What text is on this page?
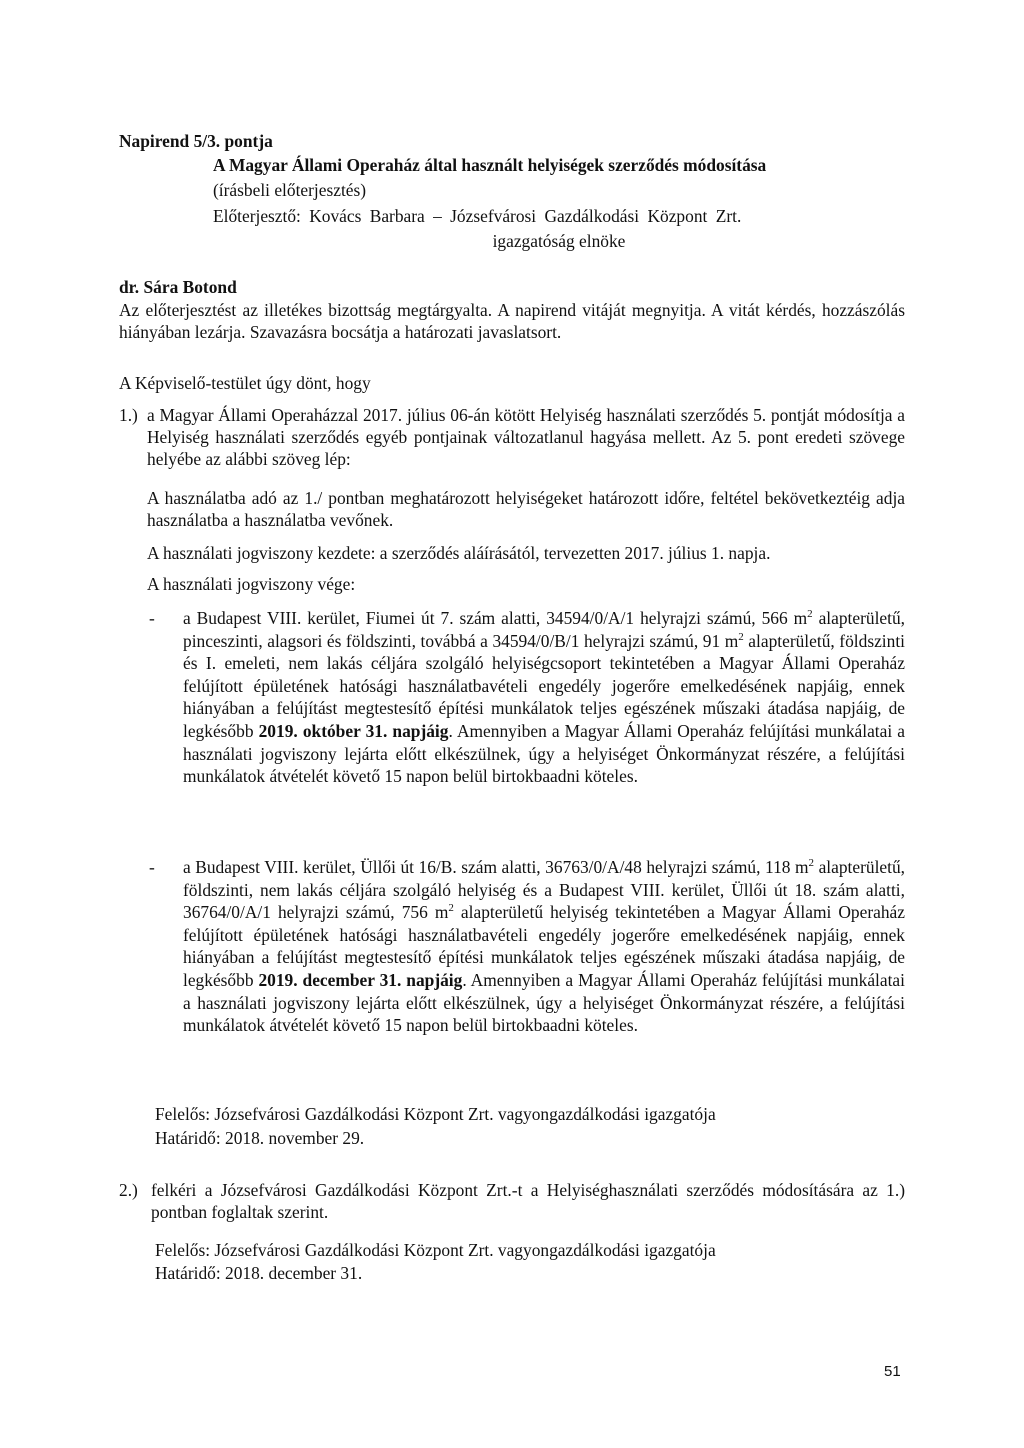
Napirend 5/3. pontja
A Magyar Állami Operaház által használt helyiségek szerződés módosítása
(írásbeli előterjesztés)
Előterjesztő: Kovács Barbara – Józsefvárosi Gazdálkodási Központ Zrt.
igazgatóság elnöke
dr. Sára Botond
Az előterjesztést az illetékes bizottság megtárgyalta. A napirend vitáját megnyitja. A vitát kérdés, hozzászólás hiányában lezárja. Szavazásra bocsátja a határozati javaslatsort.
A Képviselő-testület úgy dönt, hogy
1.) a Magyar Állami Operaházzal 2017. július 06-án kötött Helyiség használati szerződés 5. pontját módosítja a Helyiség használati szerződés egyéb pontjainak változatlanul hagyása mellett. Az 5. pont eredeti szövege helyébe az alábbi szöveg lép:
A használatba adó az 1./ pontban meghatározott helyiségeket határozott időre, feltétel bekövetkeztéig adja használatba a használatba vevőnek.
A használati jogviszony kezdete: a szerződés aláírásától, tervezetten 2017. július 1. napja.
A használati jogviszony vége:
- a Budapest VIII. kerület, Fiumei út 7. szám alatti, 34594/0/A/1 helyrajzi számú, 566 $m^2$ alapterületű, pinceszinti, alagsori és földszinti, továbbá a 34594/0/B/1 helyrajzi számú, 91 $m^2$ alapterületű, földszinti és I. emeleti, nem lakás céljára szolgáló helyiségcsoport tekintetében a Magyar Állami Operaház felújított épületének hatósági használatbavételi engedély jogerőre emelkedésének napjáig, ennek hiányában a felújítást megtestesítő építési munkálatok teljes egészének műszaki átadása napjáig, de legkésőbb 2019. október 31. napjáig. Amennyiben a Magyar Állami Operaház felújítási munkálatai a használati jogviszony lejárta előtt elkészülnek, úgy a helyiséget Önkormányzat részére, a felújítási munkálatok átvételét követő 15 napon belül birtokbaadni köteles.
- a Budapest VIII. kerület, Üllői út 16/B. szám alatti, 36763/0/A/48 helyrajzi számú, 118 $m^2$ alapterületű, földszinti, nem lakás céljára szolgáló helyiség és a Budapest VIII. kerület, Üllői út 18. szám alatti, 36764/0/A/1 helyrajzi számú, 756 $m^2$ alapterületű helyiség tekintetében a Magyar Állami Operaház felújított épületének hatósági használatbavételi engedély jogerőre emelkedésének napjáig, ennek hiányában a felújítást megtestesítő építési munkálatok teljes egészének műszaki átadása napjáig, de legkésőbb 2019. december 31. napjáig. Amennyiben a Magyar Állami Operaház felújítási munkálatai a használati jogviszony lejárta előtt elkészülnek, úgy a helyiséget Önkormányzat részére, a felújítási munkálatok átvételét követő 15 napon belül birtokbaadni köteles.
Felelős: Józsefvárosi Gazdálkodási Központ Zrt. vagyongazdálkodási igazgatója
Határidő: 2018. november 29.
2.) felkéri a Józsefvárosi Gazdálkodási Központ Zrt.-t a Helyiséghasználati szerződés módosítására az 1.) pontban foglaltak szerint.
Felelős: Józsefvárosi Gazdálkodási Központ Zrt. vagyongazdálkodási igazgatója
Határidő: 2018. december 31.
51
